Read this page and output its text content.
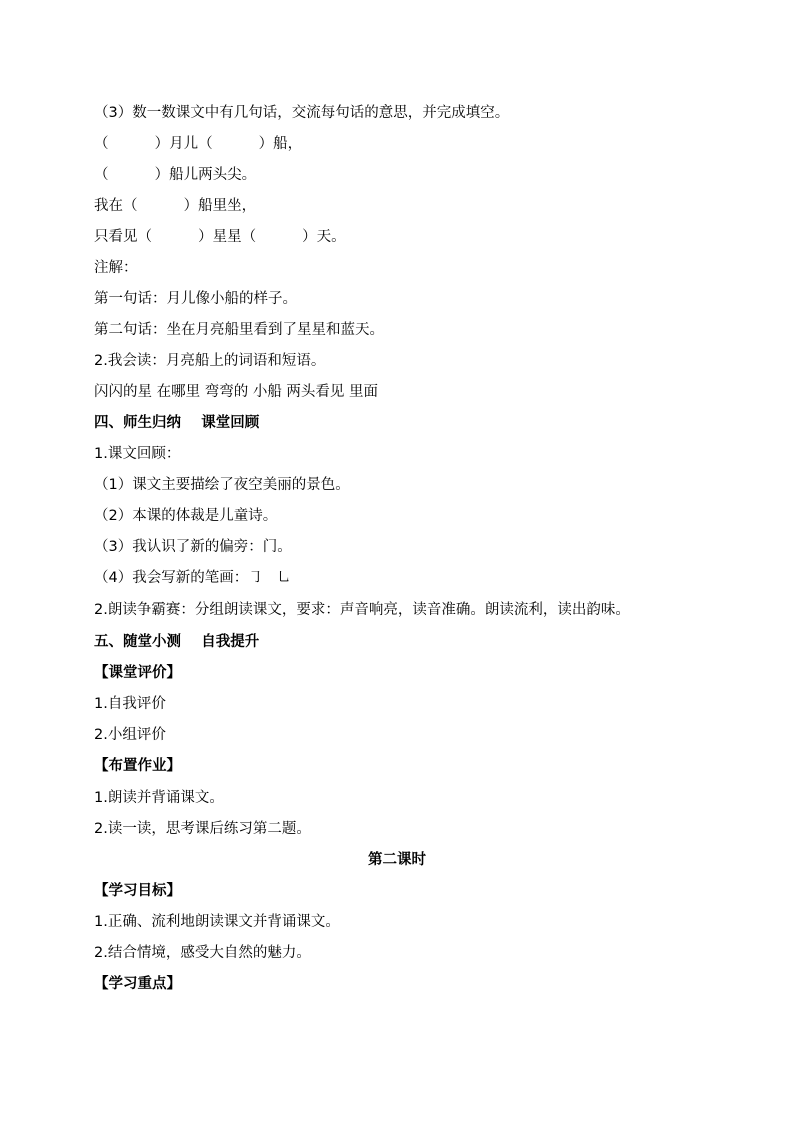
（3）数一数课文中有几句话，交流每句话的意思，并完成填空。
（          ）月儿（          ）船，
（          ）船儿两头尖。
我在（          ）船里坐，
只看见（          ）星星（          ）天。
注解：
第一句话：月儿像小船的样子。
第二句话：坐在月亮船里看到了星星和蓝天。
2.我会读：月亮船上的词语和短语。
闪闪的星 在哪里 弯弯的 小船 两头看见 里面
四、师生归纳    课堂回顾
1.课文回顾：
（1）课文主要描绘了夜空美丽的景色。
（2）本课的体裁是儿童诗。
（3）我认识了新的偏旁：门。
（4）我会写新的笔画：㇆   ㇟
2.朗读争霸赛：分组朗读课文，要求：声音响亮，读音准确。朗读流利，读出韵味。
五、随堂小测    自我提升
【课堂评价】
1.自我评价
2.小组评价
【布置作业】
1.朗读并背诵课文。
2.读一读，思考课后练习第二题。
第二课时
【学习目标】
1.正确、流利地朗读课文并背诵课文。
2.结合情境，感受大自然的魅力。
【学习重点】
